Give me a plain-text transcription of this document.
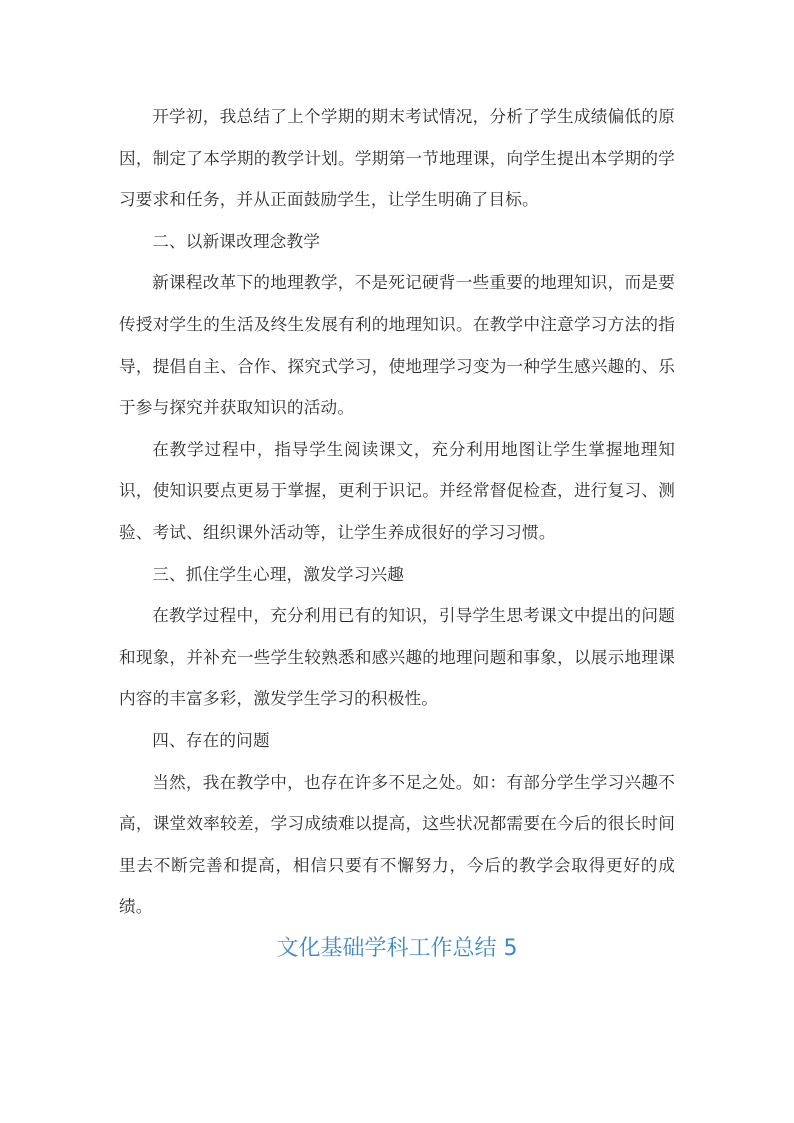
开学初，我总结了上个学期的期末考试情况，分析了学生成绩偏低的原因，制定了本学期的教学计划。学期第一节地理课，向学生提出本学期的学习要求和任务，并从正面鼓励学生，让学生明确了目标。

二、以新课改理念教学

新课程改革下的地理教学，不是死记硬背一些重要的地理知识，而是要传授对学生的生活及终生发展有利的地理知识。在教学中注意学习方法的指导，提倡自主、合作、探究式学习，使地理学习变为一种学生感兴趣的、乐于参与探究并获取知识的活动。

在教学过程中，指导学生阅读课文，充分利用地图让学生掌握地理知识，使知识要点更易于掌握，更利于识记。并经常督促检查，进行复习、测验、考试、组织课外活动等，让学生养成很好的学习习惯。

三、抓住学生心理，激发学习兴趣

在教学过程中，充分利用已有的知识，引导学生思考课文中提出的问题和现象，并补充一些学生较熟悉和感兴趣的地理问题和事象，以展示地理课内容的丰富多彩，激发学生学习的积极性。

四、存在的问题

当然，我在教学中，也存在许多不足之处。如：有部分学生学习兴趣不高，课堂效率较差，学习成绩难以提高，这些状况都需要在今后的很长时间里去不断完善和提高，相信只要有不懈努力，今后的教学会取得更好的成绩。

文化基础学科工作总结 5
